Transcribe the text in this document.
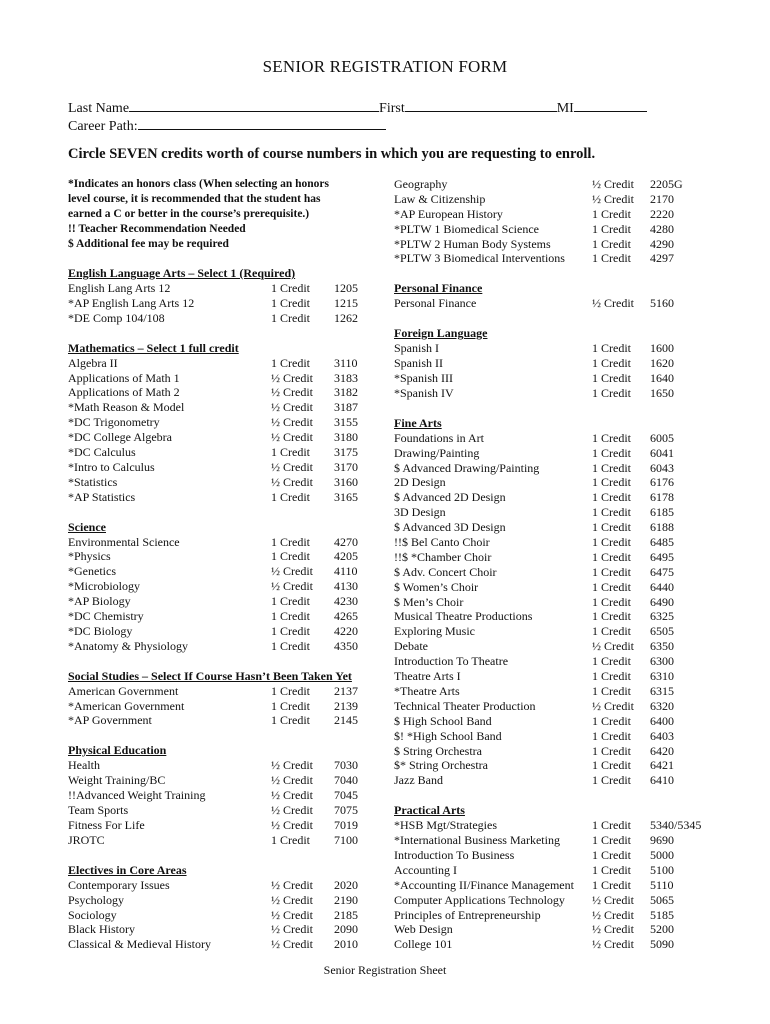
SENIOR REGISTRATION FORM
Last Name	First	MI
Career Path:
Circle SEVEN credits worth of course numbers in which you are requesting to enroll.
*Indicates an honors class (When selecting an honors
level course, it is recommended that the student has
earned a C or better in the course’s prerequisite.)
!! Teacher Recommendation Needed
$ Additional fee may be required
English Language Arts – Select 1 (Required)
English Lang Arts 12	1 Credit 1205
*AP English Lang Arts 12	1 Credit 1215
*DE Comp 104/108	1 Credit 1262
Mathematics – Select 1 full credit
Algebra II	1 Credit 3110
Applications of Math 1	½ Credit 3183
Applications of Math 2	½ Credit 3182
*Math Reason & Model	½ Credit 3187
*DC Trigonometry	½ Credit 3155
*DC College Algebra	½ Credit 3180
*DC Calculus	1 Credit 3175
*Intro to Calculus	½ Credit 3170
*Statistics	½ Credit 3160
*AP Statistics	1 Credit 3165
Science
Environmental Science	1 Credit 4270
*Physics	1 Credit 4205
*Genetics	½ Credit 4110
*Microbiology	½ Credit 4130
*AP Biology	1 Credit 4230
*DC Chemistry	1 Credit 4265
*DC Biology	1 Credit 4220
*Anatomy & Physiology	1 Credit 4350
Social Studies – Select If Course Hasn’t Been Taken Yet
American Government	1 Credit 2137
*American Government	1 Credit 2139
*AP Government	1 Credit 2145
Physical Education
Health	½ Credit 7030
Weight Training/BC	½ Credit 7040
!!Advanced Weight Training	½ Credit 7045
Team Sports	½ Credit 7075
Fitness For Life	½ Credit 7019
JROTC	1 Credit 7100
Electives in Core Areas
Contemporary Issues	½ Credit 2020
Psychology	½ Credit 2190
Sociology	½ Credit 2185
Black History	½ Credit 2090
Classical & Medieval History	½ Credit 2010
Geography	½ Credit 2205G
Law & Citizenship	½ Credit 2170
*AP European History	1 Credit 2220
*PLTW 1 Biomedical Science	1 Credit 4280
*PLTW 2 Human Body Systems	1 Credit 4290
*PLTW 3 Biomedical Interventions 1 Credit 4297
Personal Finance
Personal Finance	½ Credit 5160
Foreign Language
Spanish I	1 Credit 1600
Spanish II	1 Credit 1620
*Spanish III	1 Credit 1640
*Spanish IV	1 Credit 1650
Fine Arts
Foundations in Art	1 Credit 6005
Drawing/Painting	1 Credit 6041
$ Advanced Drawing/Painting	1 Credit 6043
2D Design	1 Credit 6176
$ Advanced 2D Design	1 Credit 6178
3D Design	1 Credit 6185
$ Advanced 3D Design	1 Credit 6188
!!$ Bel Canto Choir	1 Credit 6485
!!$ *Chamber Choir	1 Credit 6495
$ Adv. Concert Choir	1 Credit 6475
$ Women’s Choir	1 Credit 6440
$ Men’s Choir	1 Credit 6490
Musical Theatre Productions	1 Credit 6325
Exploring Music	1 Credit 6505
Debate	½ Credit 6350
Introduction To Theatre	1 Credit 6300
Theatre Arts I	1 Credit 6310
*Theatre Arts	1 Credit 6315
Technical Theater Production	½ Credit 6320
$ High School Band	1 Credit 6400
$! *High School Band	1 Credit 6403
$ String Orchestra	1 Credit 6420
$* String Orchestra	1 Credit 6421
Jazz Band	1 Credit 6410
Practical Arts
*HSB Mgt/Strategies	1 Credit 5340/5345
*International Business Marketing	1 Credit 9690
Introduction To Business	1 Credit 5000
Accounting I	1 Credit 5100
*Accounting II/Finance Management 1 Credit 5110
Computer Applications Technology ½ Credit 5065
Principles of Entrepreneurship	½ Credit 5185
Web Design	½ Credit 5200
College 101	½ Credit 5090
Senior Registration Sheet
